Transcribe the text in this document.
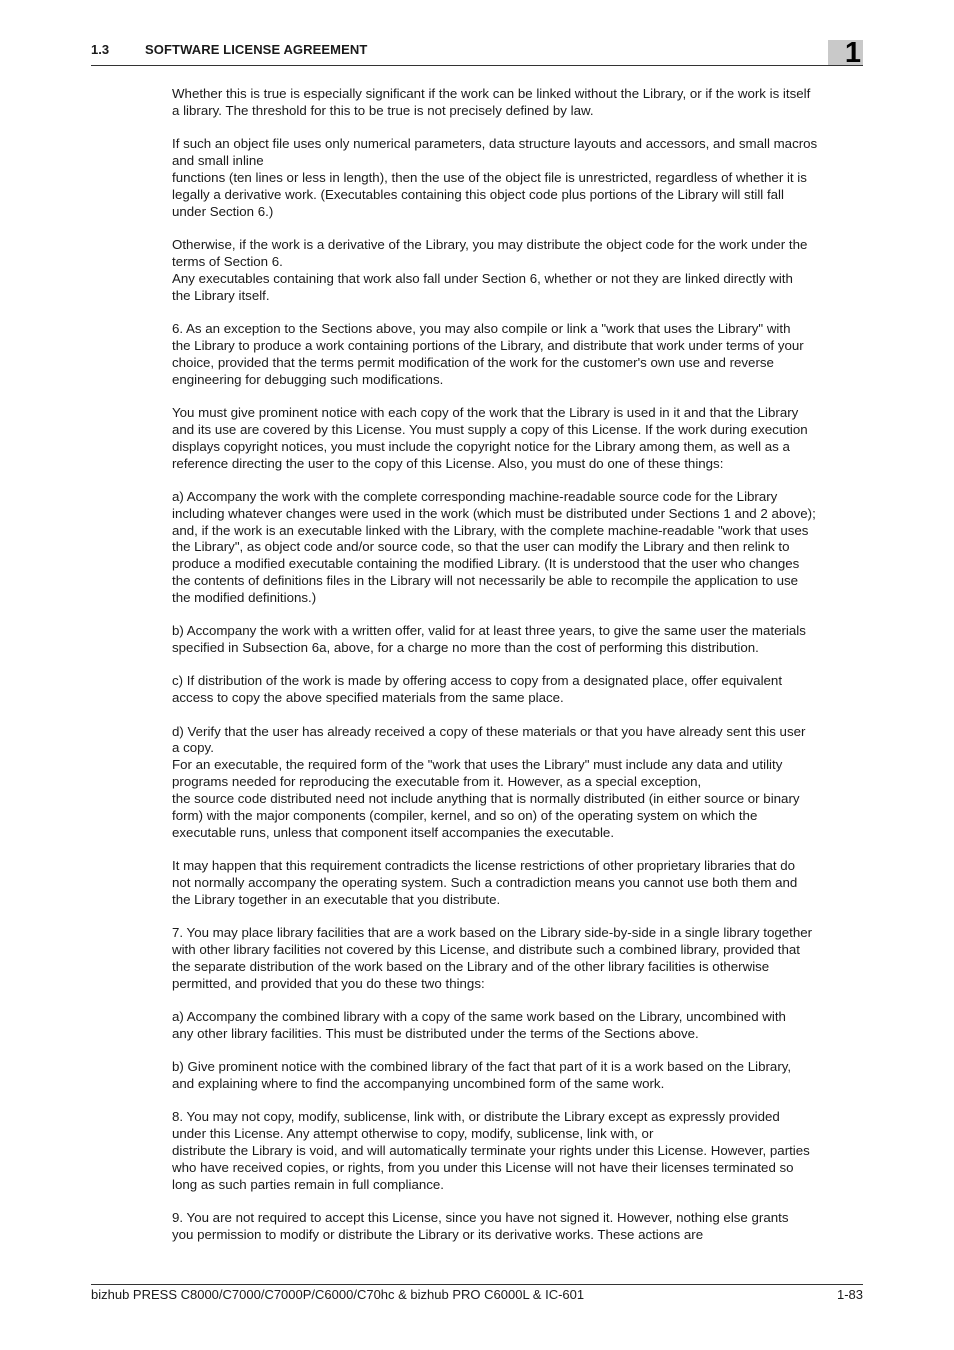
1.3	SOFTWARE LICENSE AGREEMENT	1

Whether this is true is especially significant if the work can be linked without the Library, or if the work is itself
a library. The threshold for this to be true is not precisely defined by law.

If such an object file uses only numerical parameters, data structure layouts and accessors, and small macros
and small inline
functions (ten lines or less in length), then the use of the object file is unrestricted, regardless of whether it is
legally a derivative work. (Executables containing this object code plus portions of the Library will still fall
under Section 6.)

Otherwise, if the work is a derivative of the Library, you may distribute the object code for the work under the
terms of Section 6.
Any executables containing that work also fall under Section 6, whether or not they are linked directly with
the Library itself.

6. As an exception to the Sections above, you may also compile or link a "work that uses the Library" with
the Library to produce a work containing portions of the Library, and distribute that work under terms of your
choice, provided that the terms permit modification of the work for the customer's own use and reverse
engineering for debugging such modifications.

You must give prominent notice with each copy of the work that the Library is used in it and that the Library
and its use are covered by this License. You must supply a copy of this License. If the work during execution
displays copyright notices, you must include the copyright notice for the Library among them, as well as a
reference directing the user to the copy of this License. Also, you must do one of these things:

a) Accompany the work with the complete corresponding machine-readable source code for the Library
including whatever changes were used in the work (which must be distributed under Sections 1 and 2 above);
and, if the work is an executable linked with the Library, with the complete machine-readable "work that uses
the Library", as object code and/or source code, so that the user can modify the Library and then relink to
produce a modified executable containing the modified Library. (It is understood that the user who changes
the contents of definitions files in the Library will not necessarily be able to recompile the application to use
the modified definitions.)

b) Accompany the work with a written offer, valid for at least three years, to give the same user the materials
specified in Subsection 6a, above, for a charge no more than the cost of performing this distribution.

c) If distribution of the work is made by offering access to copy from a designated place, offer equivalent
access to copy the above specified materials from the same place.

d) Verify that the user has already received a copy of these materials or that you have already sent this user
a copy.
For an executable, the required form of the "work that uses the Library" must include any data and utility
programs needed for reproducing the executable from it. However, as a special exception,
the source code distributed need not include anything that is normally distributed (in either source or binary
form) with the major components (compiler, kernel, and so on) of the operating system on which the
executable runs, unless that component itself accompanies the executable.

It may happen that this requirement contradicts the license restrictions of other proprietary libraries that do
not normally accompany the operating system. Such a contradiction means you cannot use both them and
the Library together in an executable that you distribute.

7. You may place library facilities that are a work based on the Library side-by-side in a single library together
with other library facilities not covered by this License, and distribute such a combined library, provided that
the separate distribution of the work based on the Library and of the other library facilities is otherwise
permitted, and provided that you do these two things:

a) Accompany the combined library with a copy of the same work based on the Library, uncombined with
any other library facilities. This must be distributed under the terms of the Sections above.

b) Give prominent notice with the combined library of the fact that part of it is a work based on the Library,
and explaining where to find the accompanying uncombined form of the same work.

8. You may not copy, modify, sublicense, link with, or distribute the Library except as expressly provided
under this License. Any attempt otherwise to copy, modify, sublicense, link with, or
distribute the Library is void, and will automatically terminate your rights under this License. However, parties
who have received copies, or rights, from you under this License will not have their licenses terminated so
long as such parties remain in full compliance.

9. You are not required to accept this License, since you have not signed it. However, nothing else grants
you permission to modify or distribute the Library or its derivative works. These actions are

bizhub PRESS C8000/C7000/C7000P/C6000/C70hc & bizhub PRO C6000L & IC-601	1-83
